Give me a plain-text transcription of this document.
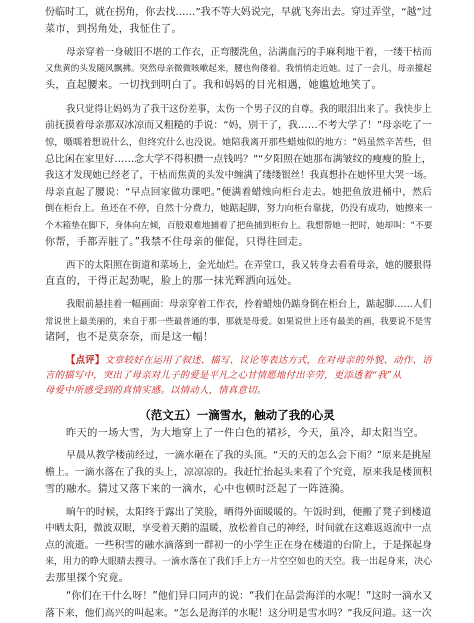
份临时工，就在拐角，你去找……”我不等大妈说完，早就飞奔出去。穿过弄堂，“越”过
菜市，到拐角处，我怔住了。
母亲穿着一身破旧不堪的工作衣，正弯腰洗鱼，沾满血污的手麻利地干着，一缕干枯而
又焦黄的头发随风飘拂。突然母亲微微咳嗽起来，腰也佝偻着。我悄悄走近她。过了一会儿，母亲擡起
头，直起腰来。一切找到明白了。我和妈妈的目光相遇，她尴尬地笑了。
我只觉得让妈妈为了我干这份差事，太伤一个男子汉的自尊。我的眼泪出来了。我快步上
前抚摸着母亲那双冰凉而又粗糙的手说：“妈，别干了，我……不考大学了！”母亲吃了一
惊，嗫嚅着想说什么，但终究什么也没说。她陪我离开那些蜡烛似的地方：“妈虽然辛苦些，但
总比闲在家里好……念大学不得积攒一点钱吗？”“夕阳照在她那布满皱纹的瘦瘦的脸上，
我这才发现她已经老了，干枯而焦黄的头发中缠满了缕缕银丝！我真想扑在她怀里大哭一场。
母亲直起了腰说：“早点回家做功课吧。”便满着蜡烛向柜台走去。她把鱼放进桶中，然后
倒在柜台上。鱼还在不停，自然十分费力，她踮起脚，努力向柜台靠拢，仍没有成功，她擦来一
个木箱垫在脚下，身体向左倾，百般艰难地捕着了把鱼捕到柜台上。我想帮她一把时，她却叫：“不要
你帮，手都弄脏了。”我禁不住母亲的催促，只得往回走。
西下的太阳照在街道和菜场上，金光灿烂。在弄堂口，我又转身去看看母亲，她的腰狠得
直直的，干得正起劲呢，脸上的那一抹光辉洒向远处。
我眼前悬挂着一幅画面：母亲穿着工作衣，拎着蜡烛仍踮身倒在柜台上，踮起脚……人们
常说世上最美丽的，来自于那一些最普通的事，那就是母爱。如果说世上还有最美的画，我要说不是雪
诸阿，也不是莫奈奈，而是这一幅！
【点评】文章较好在运用了叙述、描写、议论等表达方式，在对母亲的外貌、动作、语
言的描写中，突出了母亲对儿子的爱是平凡之心甘情愿地付出辛劳，更添透着“我”从
母爱中所感受到的真情实感。以情动人，情真意切。
（范文五）一滴雪水，触动了我的心灵
昨天的一场大雪，为大地穿上了一件白色的裙衫，今天，虽冷，却太阳当空。
早晨从教学楼前经过，一滴水砸在了我的头顶。“天的天的怎么会下雨？”原来是挑屋
檐上。一滴水落在了我的头上，凉凉凉的。我赶忙抬起头来看了个究竟，原来我是楼顶积
雪的融水。猜过又落下来的一滴水，心中也顿时泛起了一阵涟漪。
晌午的时候，太阳终于露出了笑脸，晒得外面暖暖的。午饭时到，便搬了凳子到楼道
中晒太阳，微波双眼，享受着天鹅的温暖，放松着自己的神经，时间就在这难返返流中一点
点的流逝。一些积雪的融水滴落到一群初一的小学生正在身在楼道的台阶上，于是探起身
来，用力的睁大眼睛去搜寻。一滴水落在了我们手上方一片空空如也的天空。我一出起身来，决心
去那里探个究竟。
“你们在干什么呀！”他们异口同声的说：“我们在品尝海洋的水呢！”这时一滴水又
落下来，他们高兴的叫起来。“怎么是海洋的水呢！这分明是雪水吗？”我反问道。这一次
